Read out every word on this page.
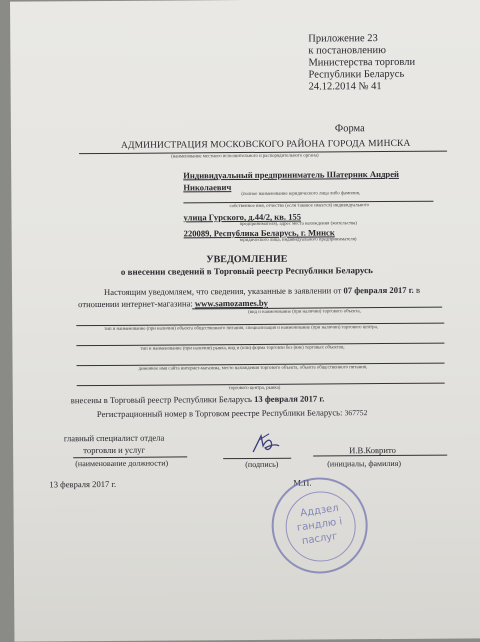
Приложение 23
к постановлению
Министерства торговли
Республики Беларусь
24.12.2014 № 41
Форма
АДМИНИСТРАЦИЯ МОСКОВСКОГО РАЙОНА ГОРОДА МИНСКА
(наименование местного исполнительного и распорядительного органа)
Индивидуальный предприниматель Шатерник Андрей
Николаевич
(полное наименование юридического лица либо фамилия,
собственное имя, отчество (если таковое имеется) индивидуального
улица Гурского, д.44/2, кв. 155
предпринимателя), адрес места нахождения (жительства)
220089, Республика Беларусь, г. Минск
юридического лица, индивидуального предпринимателя)
УВЕДОМЛЕНИЕ
о внесении сведений в Торговый реестр Республики Беларусь
Настоящим уведомляем, что сведения, указанные в заявлении от 07 февраля 2017 г. в
отношении интернет-магазина: www.samozames.by
(вид и наименование (при наличии) торгового объекта,
тип и наименование (при наличии) объекта общественного питания, специализация и наименование (при наличии) торгового центра,
тип и наименование (при наличии) рынка, вид и (или) форма торговли без (вне) торговых объектов,
доменное имя сайта интернет-магазина, место нахождения торгового объекта, объекта общественного питания,
торгового центра, рынка)
внесены в Торговый реестр Республики Беларусь 13 февраля 2017 г.
Регистрационный номер в Торговом реестре Республики Беларусь: 367752
главный специалист отдела
торговли и услуг
(наименование должности)	(подпись)
И.В.Коврито
(инициалы, фамилия)
13 февраля 2017 г.	М.П.
Аддзел
гандлю і
паслуг
